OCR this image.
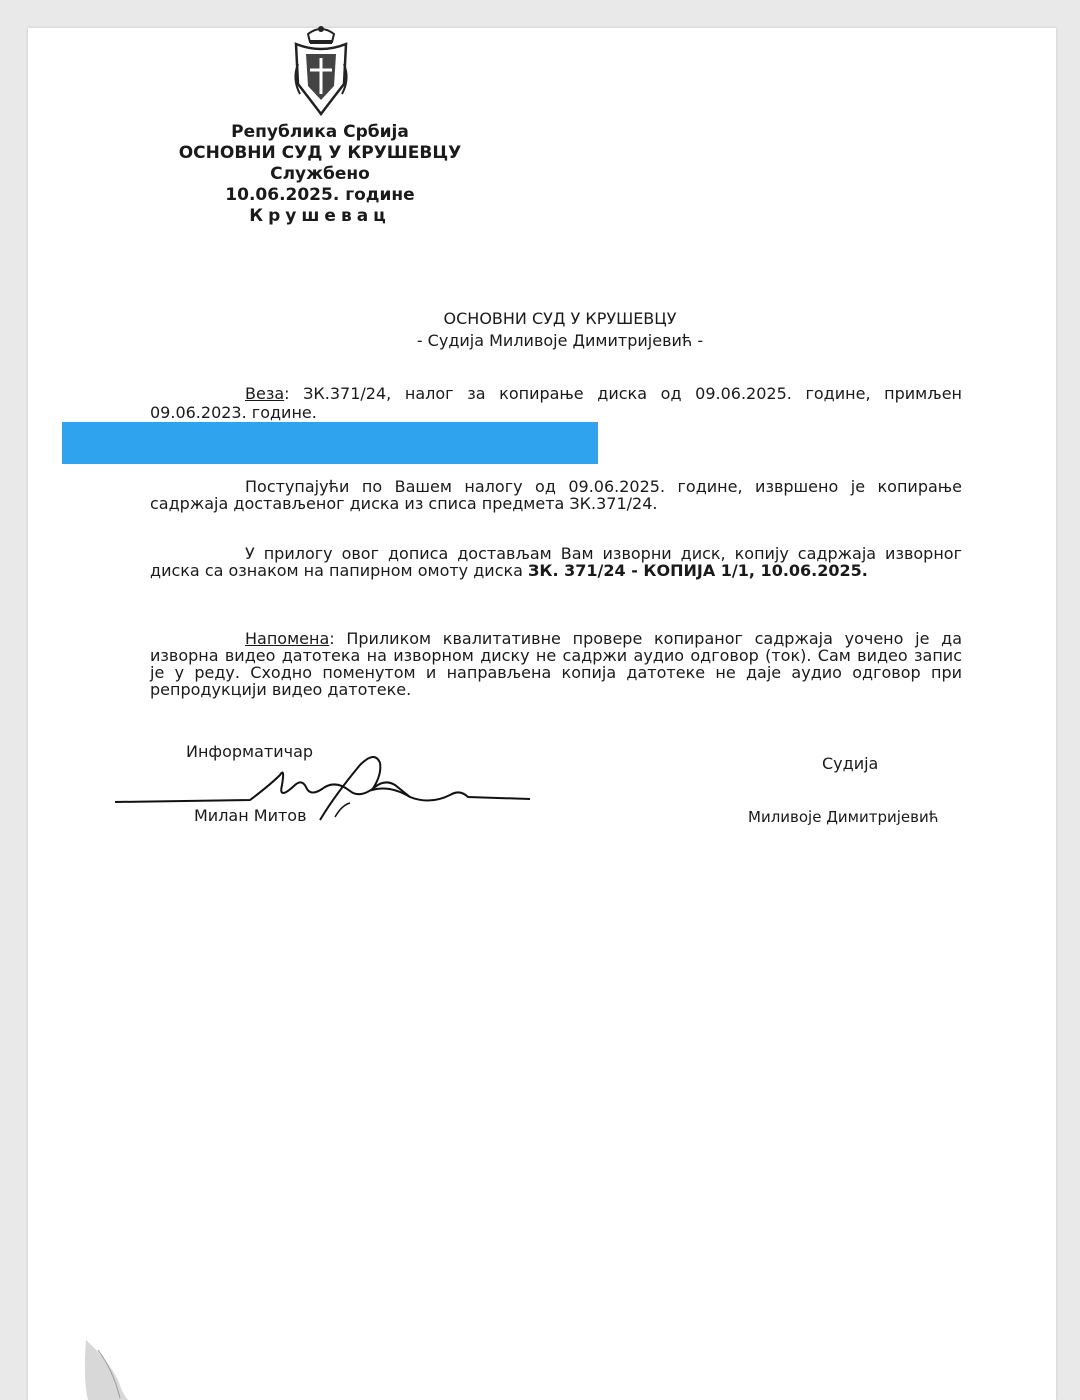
Република Србија
ОСНОВНИ СУД У КРУШЕВЦУ
Службено
10.06.2025. године
Крушевац
ОСНОВНИ СУД У КРУШЕВЦУ
- Судија Миливоје Димитријевић -
Веза: ЗК.371/24, налог за копирање диска од 09.06.2025. године, примљен 09.06.2023. године.
Поступајући по Вашем налогу од 09.06.2025. године, извршено је копирање садржаја достављеног диска из списа предмета ЗК.371/24.
У прилогу овог дописа достављам Вам изворни диск, копију садржаја изворног диска са ознаком на папирном омоту диска ЗК. 371/24 - КОПИЈА 1/1, 10.06.2025.
Напомена: Приликом квалитативне провере копираног садржаја уочено је да изворна видео датотека на изворном диску не садржи аудио одговор (ток). Сам видео запис је у реду. Сходно поменутом и направљена копија датотеке не даје аудио одговор при репродукцији видео датотеке.
Информатичар
Милан Митов
Судија
Миливоје Димитријевић
